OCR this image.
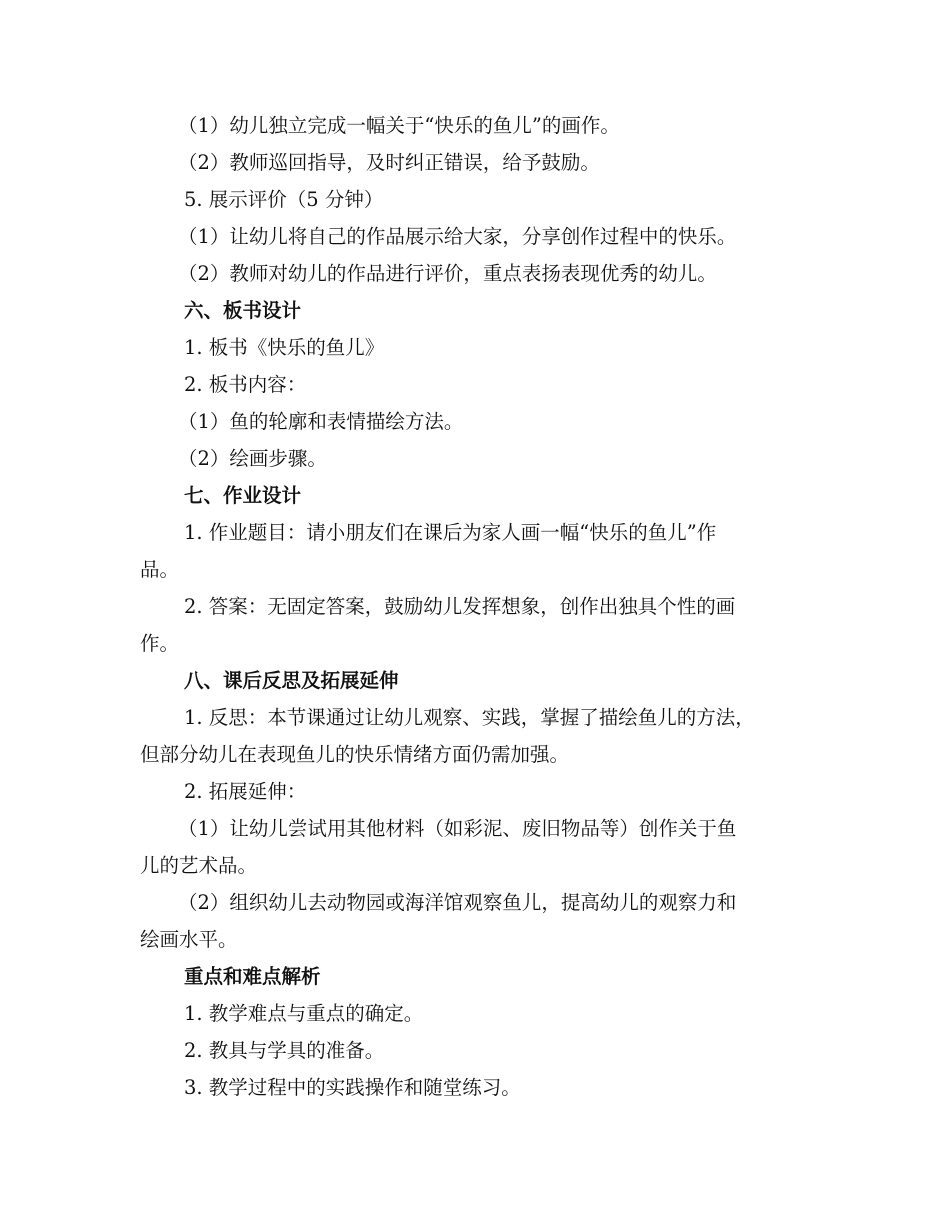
（1）幼儿独立完成一幅关于“快乐的鱼儿”的画作。
（2）教师巡回指导，及时纠正错误，给予鼓励。
5. 展示评价（5 分钟）
（1）让幼儿将自己的作品展示给大家，分享创作过程中的快乐。
（2）教师对幼儿的作品进行评价，重点表扬表现优秀的幼儿。
六、板书设计
1. 板书《快乐的鱼儿》
2. 板书内容：
（1）鱼的轮廓和表情描绘方法。
（2）绘画步骤。
七、作业设计
1. 作业题目：请小朋友们在课后为家人画一幅“快乐的鱼儿”作
品。
2. 答案：无固定答案，鼓励幼儿发挥想象，创作出独具个性的画
作。
八、课后反思及拓展延伸
1. 反思：本节课通过让幼儿观察、实践，掌握了描绘鱼儿的方法，
但部分幼儿在表现鱼儿的快乐情绪方面仍需加强。
2. 拓展延伸：
（1）让幼儿尝试用其他材料（如彩泥、废旧物品等）创作关于鱼
儿的艺术品。
（2）组织幼儿去动物园或海洋馆观察鱼儿，提高幼儿的观察力和
绘画水平。
重点和难点解析
1. 教学难点与重点的确定。
2. 教具与学具的准备。
3. 教学过程中的实践操作和随堂练习。
